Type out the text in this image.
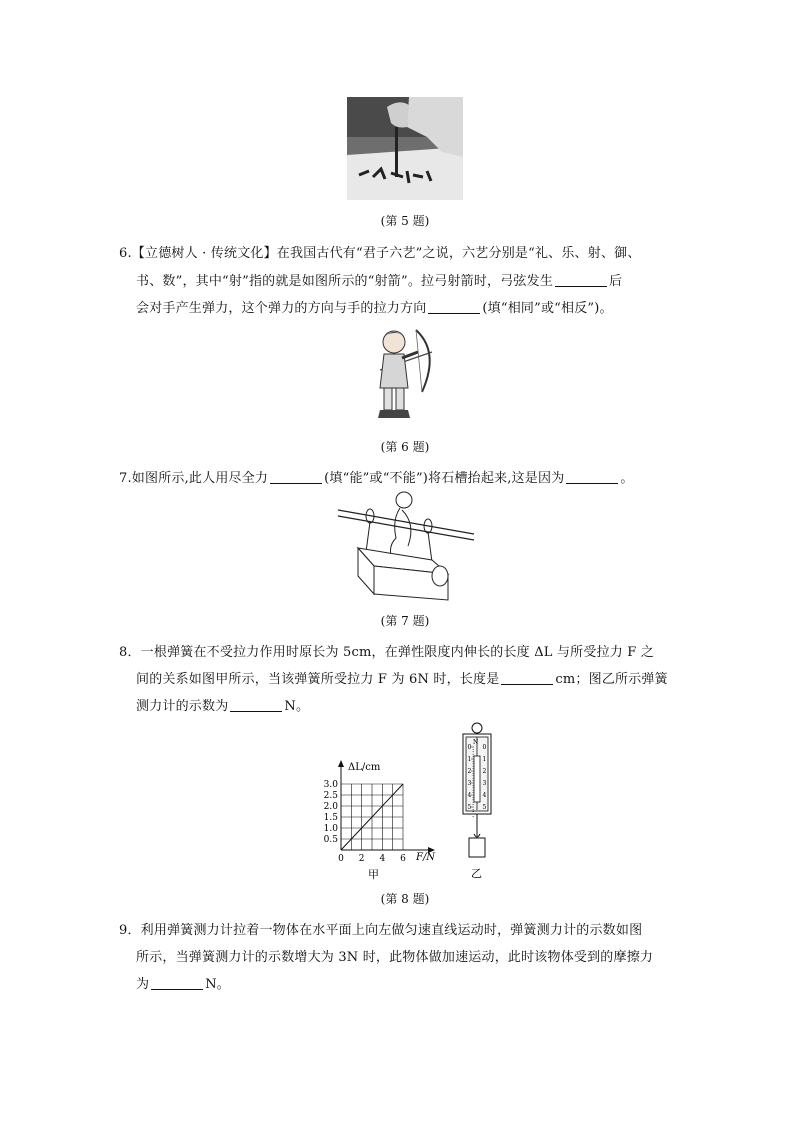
(第 5 题)
6.【立德树人 · 传统文化】在我国古代有“君子六艺”之说，六艺分别是“礼、乐、射、御、
书、数”，其中“射”指的就是如图所示的“射箭”。拉弓射箭时，弓弦发生	后
会对手产生弹力，这个弹力的方向与手的拉力方向	(填“相同”或“相反”)。
(第 6 题)
7.如图所示,此人用尽全力	(填“能”或“不能”)将石槽抬起来,这是因为	。
(第 7 题)
8．一根弹簧在不受拉力作用时原长为 5cm，在弹性限度内伸长的长度 ΔL 与所受拉力 F 之
间的关系如图甲所示，当该弹簧所受拉力 F 为 6N 时，长度是	cm；图乙所示弹簧
测力计的示数为	N。
3.0
2.5
2.0
1.5
1.0
0.5
0 2 4 6
ΔL/cm
F/N
甲
0 0
1 1
2 2
3 3
4 4
5 5
N
乙
(第 8 题)
9．利用弹簧测力计拉着一物体在水平面上向左做匀速直线运动时，弹簧测力计的示数如图
所示，当弹簧测力计的示数增大为 3N 时，此物体做加速运动，此时该物体受到的摩擦力
为	N。
